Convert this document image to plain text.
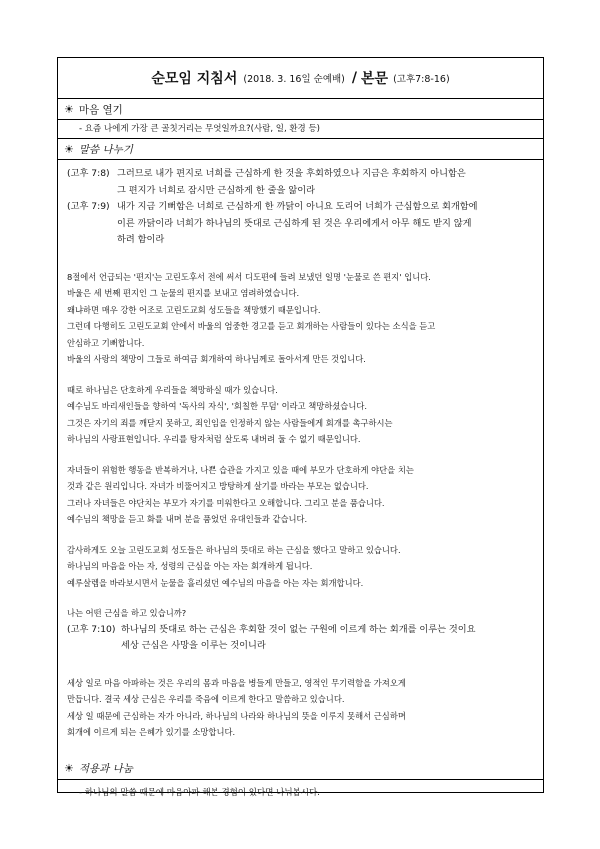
순모임 지침서 (2018. 3. 16일 순예배) / 본문 (고후7:8-16)
☀ 마음 열기
- 요즘 나에게 가장 큰 골칫거리는 무엇일까요?(사람, 일, 환경 등)
☀ 말씀 나누기
(고후 7:8) 그러므로 내가 편지로 너희를 근심하게 한 것을 후회하였으나 지금은 후회하지 아니함은
그 편지가 너희로 잠시만 근심하게 한 줄을 앎이라
(고후 7:9) 내가 지금 기뻐함은 너희로 근심하게 한 까닭이 아니요 도리어 너희가 근심함으로 회개함에
이른 까닭이라 너희가 하나님의 뜻대로 근심하게 된 것은 우리에게서 아무 해도 받지 않게
하려 함이라
8절에서 언급되는 '편지'는 고린도후서 전에 써서 디도편에 들려 보냈던 일명 '눈물로 쓴 편지' 입니다.
바울은 세 번째 편지인 그 눈물의 편지를 보내고 염려하였습니다.
왜냐하면 매우 강한 어조로 고린도교회 성도들을 책망했기 때문입니다.
그런데 다행히도 고린도교회 안에서 바울의 엄중한 경고를 듣고 회개하는 사람들이 있다는 소식을 듣고
안심하고 기뻐합니다.
바울의 사랑의 책망이 그들로 하여금 회개하여 하나님께로 돌아서게 만든 것입니다.
때로 하나님은 단호하게 우리들을 책망하실 때가 있습니다.
예수님도 바리새인들을 향하여 '독사의 자식', '회칠한 무덤' 이라고 책망하셨습니다.
그것은 자기의 죄를 깨닫지 못하고, 죄인임을 인정하지 않는 사람들에게 회개를 촉구하시는
하나님의 사랑표현입니다. 우리를 탕자처럼 살도록 내버려 둘 수 없기 때문입니다.
자녀들이 위험한 행동을 반복하거나, 나쁜 습관을 가지고 있을 때에 부모가 단호하게 야단을 치는
것과 같은 원리입니다. 자녀가 비뚤어지고 방탕하게 살기를 바라는 부모는 없습니다.
그러나 자녀들은 야단치는 부모가 자기를 미워한다고 오해합니다. 그리고 분을 품습니다.
예수님의 책망을 듣고 화를 내며 분을 품었던 유대인들과 같습니다.
감사하게도 오늘 고린도교회 성도들은 하나님의 뜻대로 하는 근심을 했다고 말하고 있습니다.
하나님의 마음을 아는 자, 성령의 근심을 아는 자는 회개하게 됩니다.
예루살렘을 바라보시면서 눈물을 흘리셨던 예수님의 마음을 아는 자는 회개합니다.
나는 어떤 근심을 하고 있습니까?
(고후 7:10) 하나님의 뜻대로 하는 근심은 후회할 것이 없는 구원에 이르게 하는 회개를 이루는 것이요
세상 근심은 사망을 이루는 것이니라
세상 일로 마음 아파하는 것은 우리의 몸과 마음을 병들게 만들고, 영적인 무기력함을 가져오게
만듭니다. 결국 세상 근심은 우리를 죽음에 이르게 한다고 말씀하고 있습니다.
세상 일 때문에 근심하는 자가 아니라, 하나님의 나라와 하나님의 뜻을 이루지 못해서 근심하며
회개에 이르게 되는 은혜가 있기를 소망합니다.
☀ 적용과 나눔
- 하나님의 말씀 때문에 마음아파 해본 경험이 있다면 나눠봅시다.
